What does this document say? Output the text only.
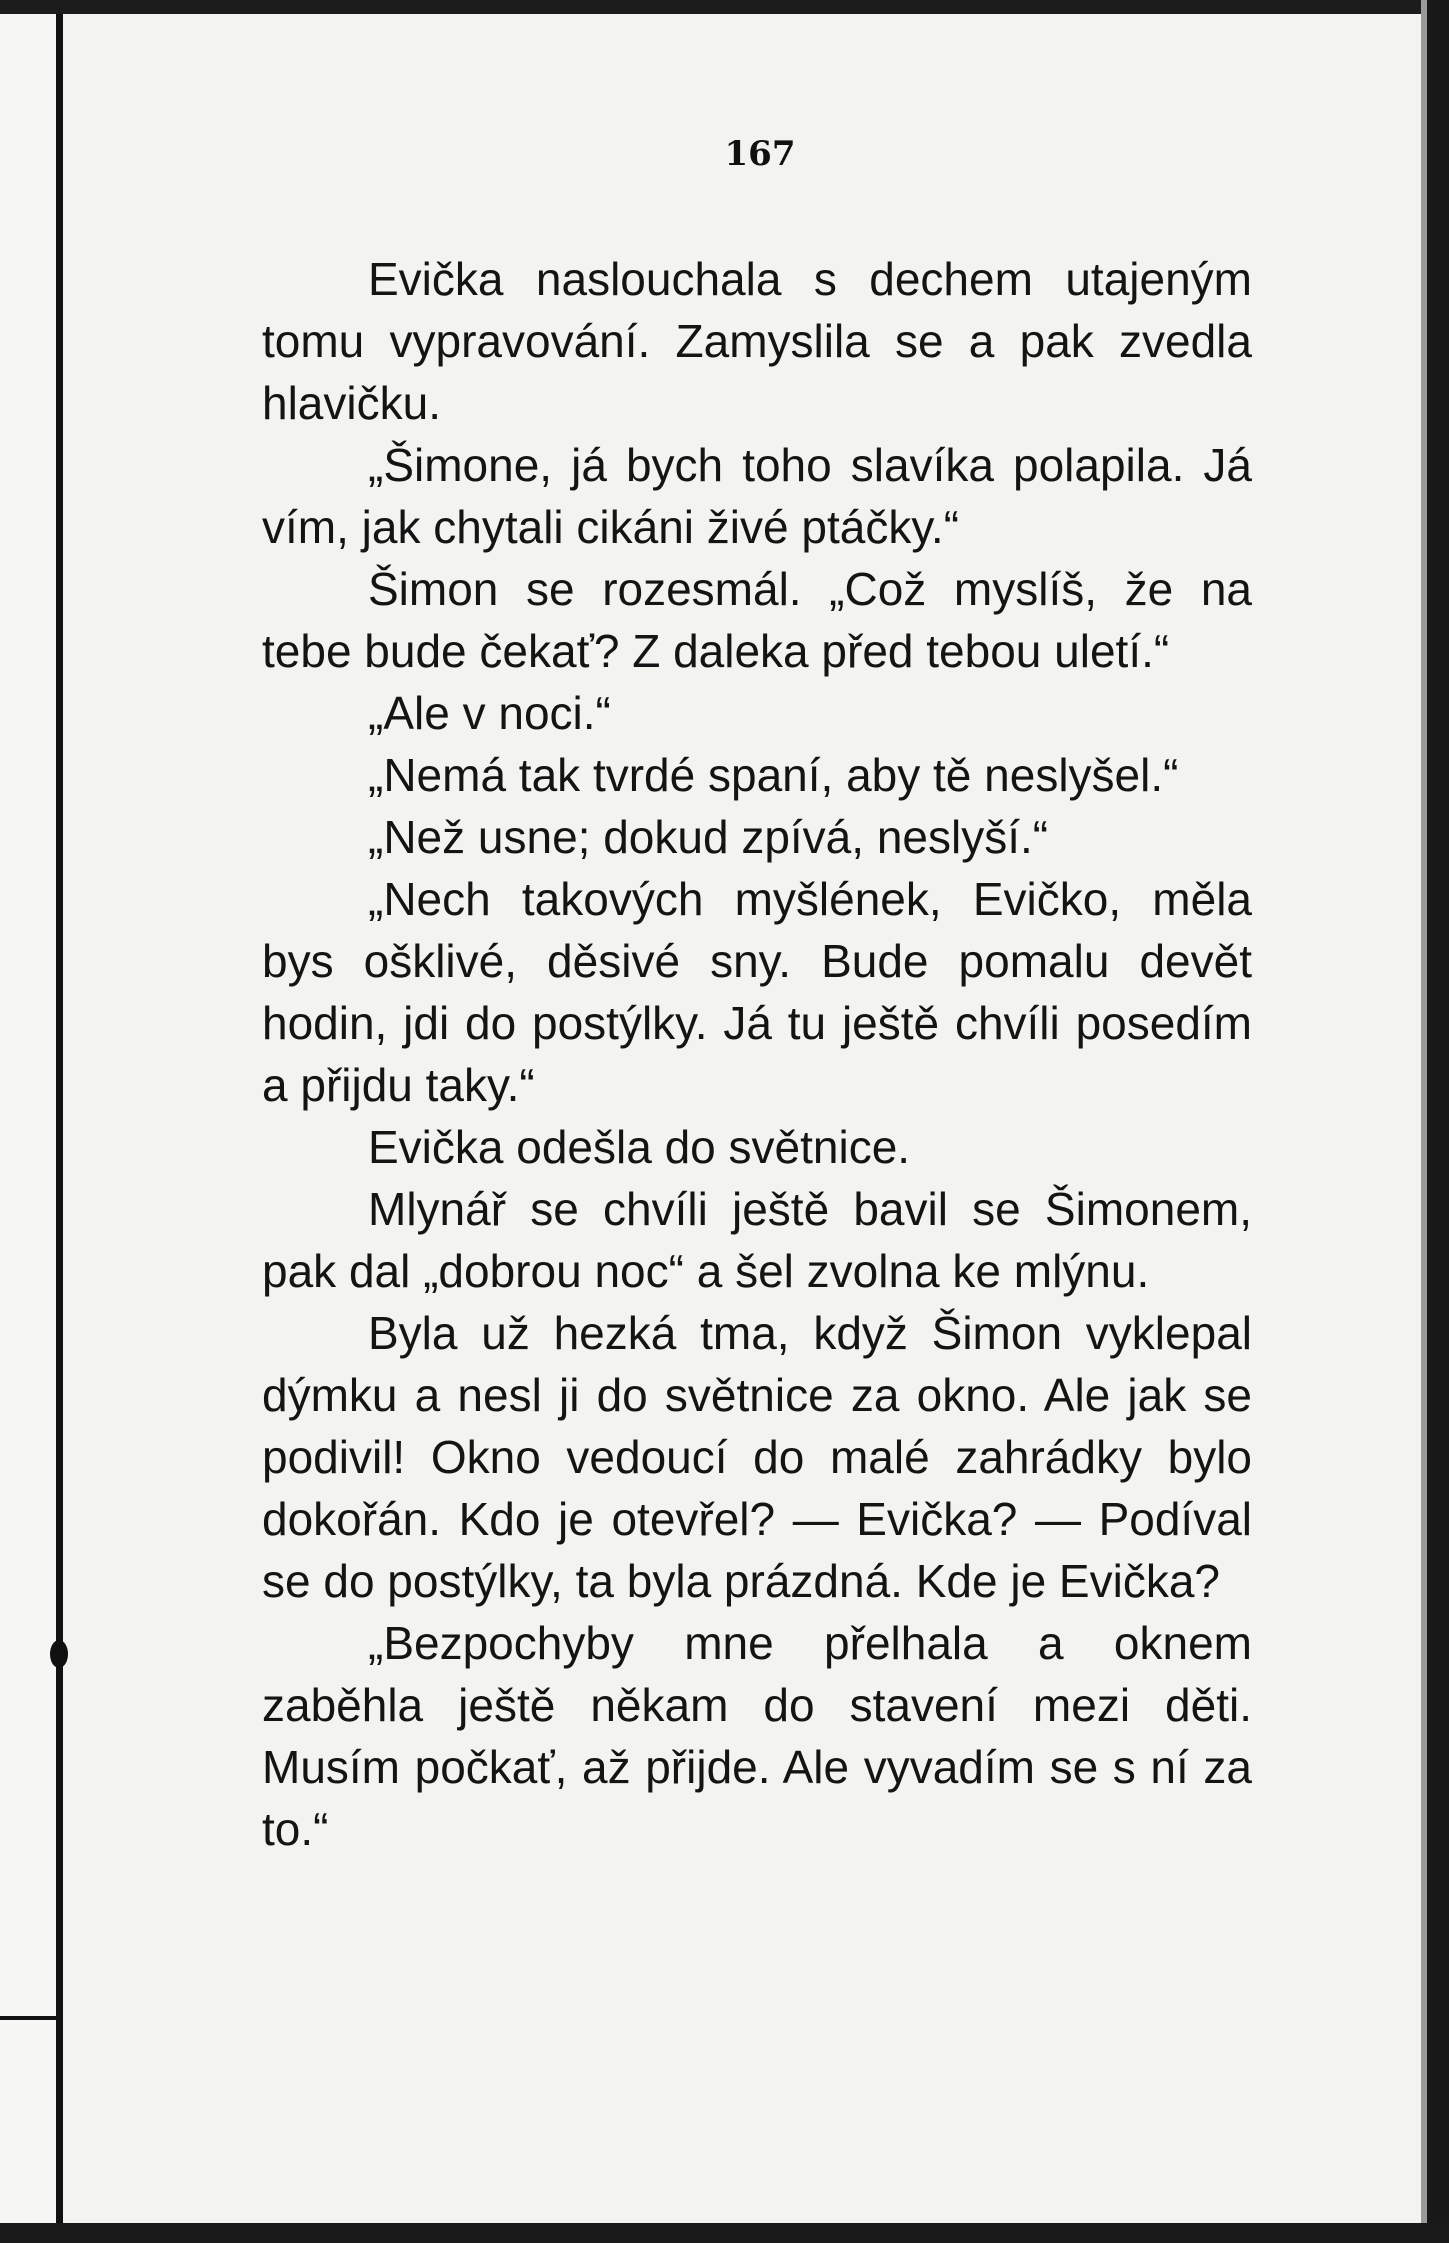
167

Evička naslouchala s dechem utajeným tomu vypravování. Zamyslila se a pak zvedla hlavičku.

„Šimone, já bych toho slavíka polapila. Já vím, jak chytali cikáni živé ptáčky.“

Šimon se rozesmál. „Což myslíš, že na tebe bude čekať? Z daleka před tebou uletí.“

„Ale v noci.“

„Nemá tak tvrdé spaní, aby tě neslyšel.“

„Než usne; dokud zpívá, neslyší.“

„Nech takových myšlének, Evičko, měla bys ošklivé, děsivé sny. Bude pomalu devět hodin, jdi do postýlky. Já tu ještě chvíli posedím a přijdu taky.“

Evička odešla do světnice.

Mlynář se chvíli ještě bavil se Šimonem, pak dal „dobrou noc“ a šel zvolna ke mlýnu.

Byla už hezká tma, když Šimon vyklepal dýmku a nesl ji do světnice za okno. Ale jak se podivil! Okno vedoucí do malé zahrádky bylo dokořán. Kdo je otevřel? — Evička? — Podíval se do postýlky, ta byla prázdná. Kde je Evička?

„Bezpochyby mne přelhala a oknem zaběhla ještě někam do stavení mezi děti. Musím počkať, až přijde. Ale vyvadím se s ní za to.“
